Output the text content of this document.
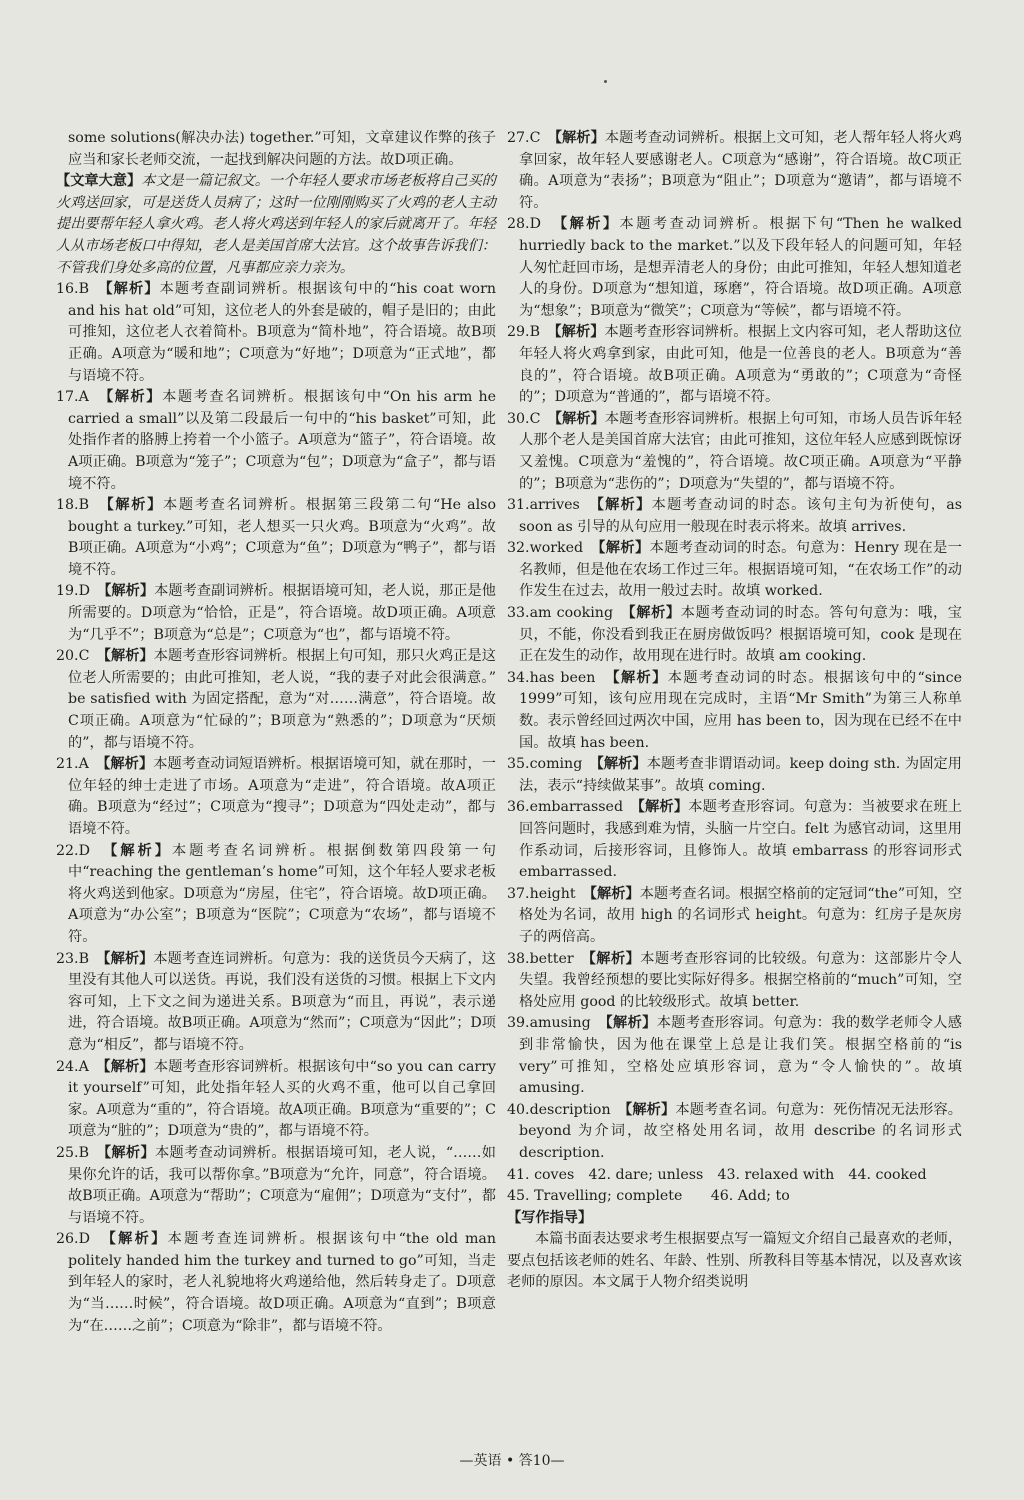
some solutions(解决办法) together.”可知，文章建议作弊的孩子应当和家长老师交流，一起找到解决问题的方法。故D项正确。

【文章大意】本文是一篇记叙文。一个年轻人要求市场老板将自己买的火鸡送回家，可是送货人员病了；这时一位刚刚购买了火鸡的老人主动提出要帮年轻人拿火鸡。老人将火鸡送到年轻人的家后就离开了。年轻人从市场老板口中得知，老人是美国首席大法官。这个故事告诉我们：不管我们身处多高的位置，凡事都应亲力亲为。

16.B　 【解析】本题考查副词辨析。根据该句中的“his coat worn and his hat old”可知，这位老人的外套是破的，帽子是旧的；由此可推知，这位老人衣着简朴。B项意为“简朴地”，符合语境。故B项正确。A项意为“暖和地”；C项意为“好地”；D项意为“正式地”，都与语境不符。

17.A　 【解析】本题考查名词辨析。根据该句中“On his arm he carried a small”以及第二段最后一句中的“his basket”可知，此处指作者的胳膊上挎着一个小篮子。A项意为“篮子”，符合语境。故A项正确。B项意为“笼子”；C项意为“包”；D项意为“盒子”，都与语境不符。

18.B　 【解析】本题考查名词辨析。根据第三段第二句“He also bought a turkey.”可知，老人想买一只火鸡。B项意为“火鸡”。故B项正确。A项意为“小鸡”；C项意为“鱼”；D项意为“鸭子”，都与语境不符。

19.D　 【解析】本题考查副词辨析。根据语境可知，老人说，那正是他所需要的。D项意为“恰恰，正是”，符合语境。故D项正确。A项意为“几乎不”；B项意为“总是”；C项意为“也”，都与语境不符。

20.C　 【解析】本题考查形容词辨析。根据上句可知，那只火鸡正是这位老人所需要的；由此可推知，老人说，“我的妻子对此会很满意。” be satisfied with 为固定搭配，意为“对……满意”，符合语境。故C项正确。A项意为“忙碌的”；B项意为“熟悉的”；D项意为“厌烦的”，都与语境不符。

21.A　 【解析】本题考查动词短语辨析。根据语境可知，就在那时，一位年轻的绅士走进了市场。A项意为“走进”，符合语境。故A项正确。B项意为“经过”；C项意为“搜寻”；D项意为“四处走动”，都与语境不符。

22.D　 【解析】本题考查名词辨析。根据倒数第四段第一句中“reaching the gentleman’s home”可知，这个年轻人要求老板将火鸡送到他家。D项意为“房屋，住宅”，符合语境。故D项正确。A项意为“办公室”；B项意为“医院”；C项意为“农场”，都与语境不符。

23.B　 【解析】本题考查连词辨析。句意为：我的送货员今天病了，这里没有其他人可以送货。再说，我们没有送货的习惯。根据上下文内容可知，上下文之间为递进关系。B项意为“而且，再说”，表示递进，符合语境。故B项正确。A项意为“然而”；C项意为“因此”；D项意为“相反”，都与语境不符。

24.A　 【解析】本题考查形容词辨析。根据该句中“so you can carry it yourself”可知，此处指年轻人买的火鸡不重，他可以自己拿回家。A项意为“重的”，符合语境。故A项正确。B项意为“重要的”；C项意为“脏的”；D项意为“贵的”，都与语境不符。

25.B　 【解析】本题考查动词辨析。根据语境可知，老人说，“……如果你允许的话，我可以帮你拿。”B项意为“允许，同意”，符合语境。故B项正确。A项意为“帮助”；C项意为“雇佣”；D项意为“支付”，都与语境不符。

26.D　 【解析】本题考查连词辨析。根据该句中“the old man politely handed him the turkey and turned to go”可知，当走到年轻人的家时，老人礼貌地将火鸡递给他，然后转身走了。D项意为“当……时候”，符合语境。故D项正确。A项意为“直到”；B项意为“在……之前”；C项意为“除非”，都与语境不符。

27.C　 【解析】本题考查动词辨析。根据上文可知，老人帮年轻人将火鸡拿回家，故年轻人要感谢老人。C项意为“感谢”，符合语境。故C项正确。A项意为“表扬”；B项意为“阻止”；D项意为“邀请”，都与语境不符。

28.D　 【解析】本题考查动词辨析。根据下句“Then he walked hurriedly back to the market.”以及下段年轻人的问题可知，年轻人匆忙赶回市场，是想弄清老人的身份；由此可推知，年轻人想知道老人的身份。D项意为“想知道，琢磨”，符合语境。故D项正确。A项意为“想象”；B项意为“微笑”；C项意为“等候”，都与语境不符。

29.B　 【解析】本题考查形容词辨析。根据上文内容可知，老人帮助这位年轻人将火鸡拿到家，由此可知，他是一位善良的老人。B项意为“善良的”，符合语境。故B项正确。A项意为“勇敢的”；C项意为“奇怪的”；D项意为“普通的”，都与语境不符。

30.C　 【解析】本题考查形容词辨析。根据上句可知，市场人员告诉年轻人那个老人是美国首席大法官；由此可推知，这位年轻人应感到既惊讶又羞愧。C项意为“羞愧的”，符合语境。故C项正确。A项意为“平静的”；B项意为“悲伤的”；D项意为“失望的”，都与语境不符。

31.arrives　 【解析】本题考查动词的时态。该句主句为祈使句，as soon as 引导的从句应用一般现在时表示将来。故填 arrives.

32.worked　 【解析】本题考查动词的时态。句意为：Henry 现在是一名教师，但是他在农场工作过三年。根据语境可知，“在农场工作”的动作发生在过去，故用一般过去时。故填 worked.

33.am cooking　 【解析】本题考查动词的时态。答句句意为：哦，宝贝，不能，你没看到我正在厨房做饭吗？根据语境可知，cook 是现在正在发生的动作，故用现在进行时。故填 am cooking.

34.has been　 【解析】本题考查动词的时态。根据该句中的“since 1999”可知，该句应用现在完成时，主语“Mr Smith”为第三人称单数。表示曾经回过两次中国，应用 has been to，因为现在已经不在中国。故填 has been.

35.coming　 【解析】本题考查非谓语动词。keep doing sth. 为固定用法，表示“持续做某事”。故填 coming.

36.embarrassed　 【解析】本题考查形容词。句意为：当被要求在班上回答问题时，我感到难为情，头脑一片空白。felt 为感官动词，这里用作系动词，后接形容词，且修饰人。故填 embarrass 的形容词形式 embarrassed.

37.height　 【解析】本题考查名词。根据空格前的定冠词“the”可知，空格处为名词，故用 high 的名词形式 height。句意为：红房子是灰房子的两倍高。

38.better　 【解析】本题考查形容词的比较级。句意为：这部影片令人失望。我曾经预想的要比实际好得多。根据空格前的“much”可知，空格处应用 good 的比较级形式。故填 better.

39.amusing　 【解析】本题考查形容词。句意为：我的数学老师令人感到非常愉快，因为他在课堂上总是让我们笑。根据空格前的“is very”可推知，空格处应填形容词，意为“令人愉快的”。故填 amusing.

40.description　 【解析】本题考查名词。句意为：死伤情况无法形容。beyond 为介词，故空格处用名词，故用 describe 的名词形式 description.

41. coves　42. dare; unless　43. relaxed with　44. cooked

45. Travelling; complete　　46. Add; to

【写作指导】

本篇书面表达要求考生根据要点写一篇短文介绍自己最喜欢的老师，要点包括该老师的姓名、年龄、性别、所教科目等基本情况，以及喜欢该老师的原因。本文属于人物介绍类说明

—英语 • 答10—
